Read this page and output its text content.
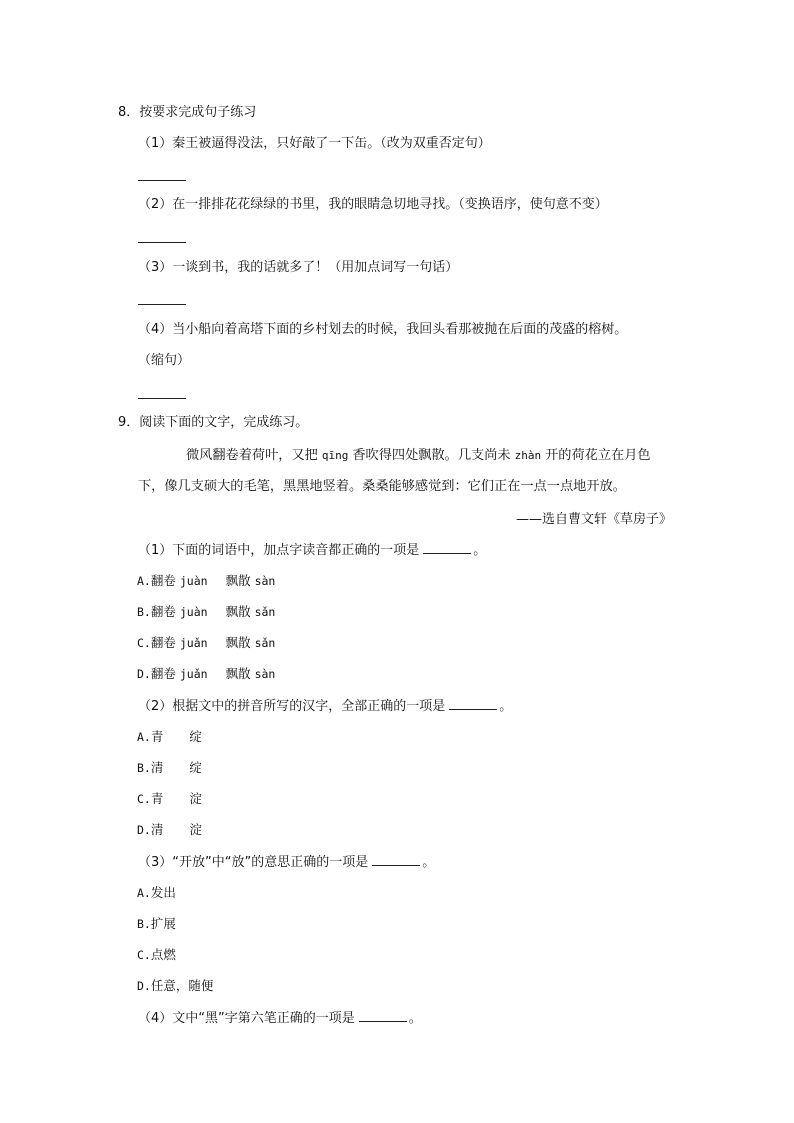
8．按要求完成句子练习
（1）秦王被逼得没法，只好敲了一下缶。（改为双重否定句）
（2）在一排排花花绿绿的书里，我的眼睛急切地寻找。（变换语序，使句意不变）
（3）一谈到书，我的话就多了！（用加点词写一句话）
（4）当小船向着高塔下面的乡村划去的时候，我回头看那被抛在后面的茂盛的榕树。
（缩句）
9．阅读下面的文字，完成练习。
微风翻卷着荷叶，又把 qīng 香吹得四处飘散。几支尚未 zhàn 开的荷花立在月色
下，像几支硕大的毛笔，黑黑地竖着。桑桑能够感觉到：它们正在一点一点地开放。
——选自曹文轩《草房子》
（1）下面的词语中，加点字读音都正确的一项是	。
A.翻卷 juàn 飘散 sàn
B.翻卷 juàn 飘散 sǎn
C.翻卷 juǎn 飘散 sǎn
D.翻卷 juǎn 飘散 sàn
（2）根据文中的拼音所写的汉字，全部正确的一项是	。
A.青 绽
B.清 绽
C.青 淀
D.清 淀
（3）“开放”中“放”的意思正确的一项是	。
A.发出
B.扩展
C.点燃
D.任意，随便
（4）文中“黑”字第六笔正确的一项是	。
